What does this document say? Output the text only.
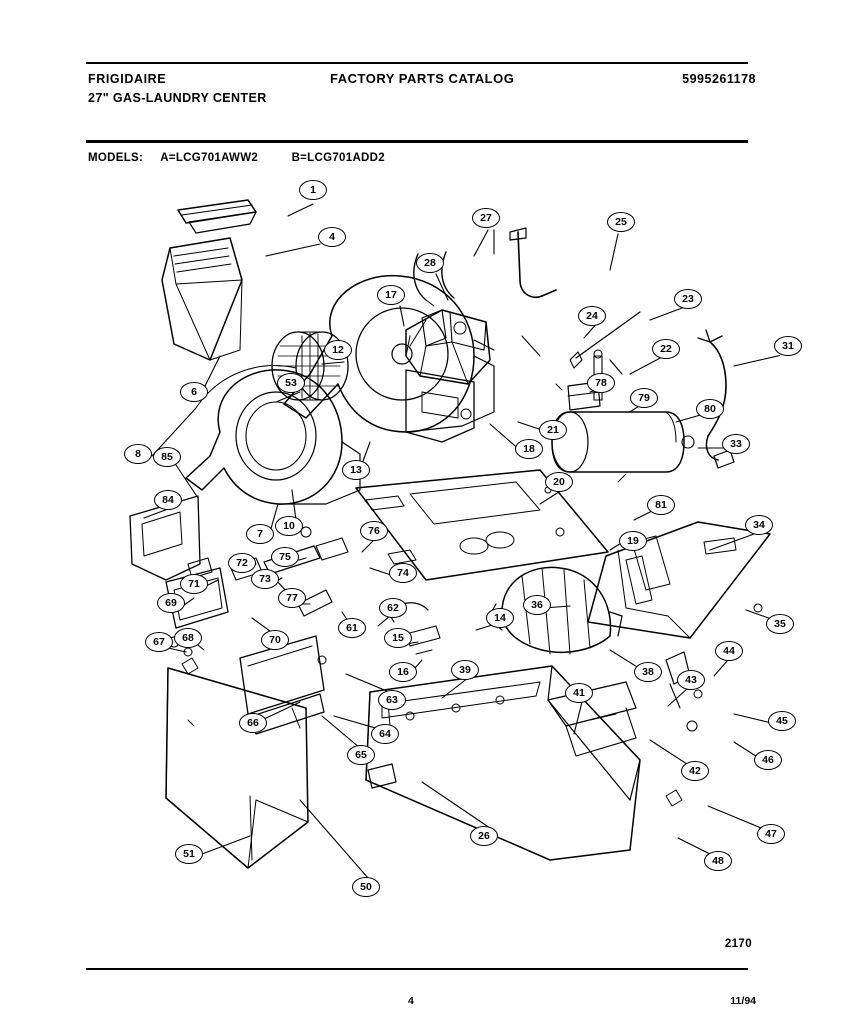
FRIGIDAIRE
27" GAS-LAUNDRY CENTER
FACTORY PARTS CATALOG	5995261178
MODELS: A=LCG701AWW2	B=LCG701ADD2
1
4
6
7
8
10
12
13
14
15
16
17
18
19
20
21
22
23
24
25
26
27
28
31
33
34
35
36
38
39
41
42
43
44
45
46
47
48
50
51
53
61
62
63
64
65
66
67	68
69
70
71
72
73	74
75
76
77
78
79
80
81
84
85
2170
4	11/94
